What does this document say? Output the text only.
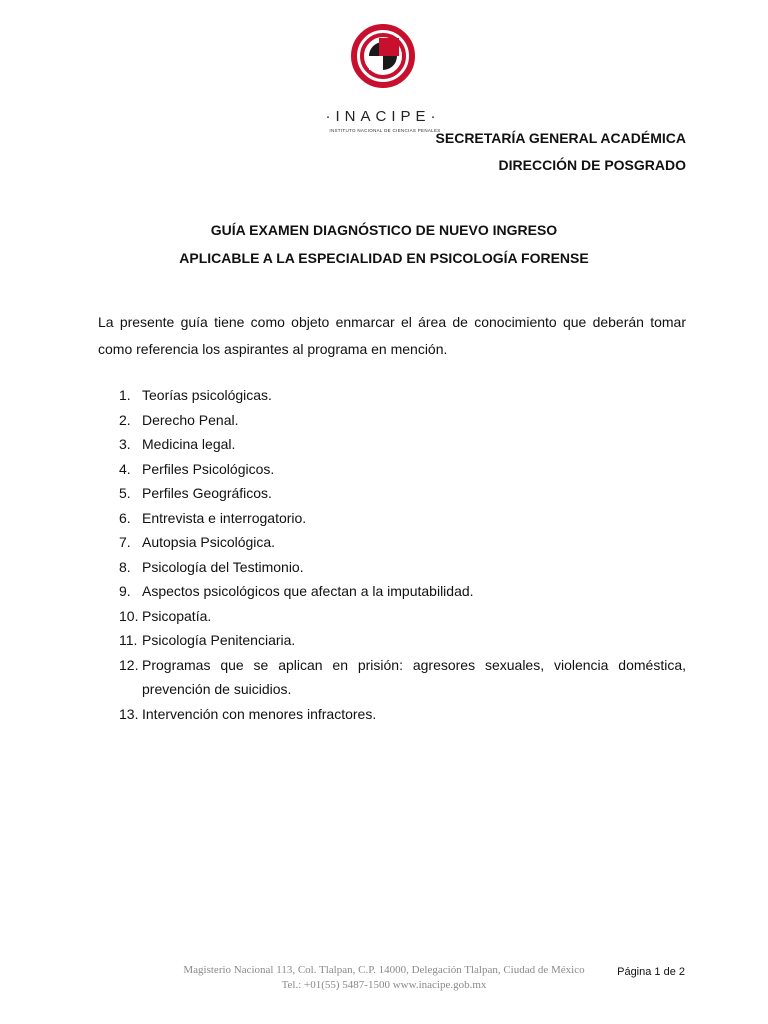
·INACIPE·
INSTITUTO NACIONAL DE CIENCIAS PENALES
SECRETARÍA GENERAL ACADÉMICA
DIRECCIÓN DE POSGRADO
GUÍA EXAMEN DIAGNÓSTICO DE NUEVO INGRESO
APLICABLE A LA ESPECIALIDAD EN PSICOLOGÍA FORENSE

La presente guía tiene como objeto enmarcar el área de conocimiento que deberán tomar como referencia los aspirantes al programa en mención.

1. Teorías psicológicas.
2. Derecho Penal.
3. Medicina legal.
4. Perfiles Psicológicos.
5. Perfiles Geográficos.
6. Entrevista e interrogatorio.
7. Autopsia Psicológica.
8. Psicología del Testimonio.
9. Aspectos psicológicos que afectan a la imputabilidad.
10. Psicopatía.
11. Psicología Penitenciaria.
12. Programas que se aplican en prisión: agresores sexuales, violencia doméstica, prevención de suicidios.
13. Intervención con menores infractores.
Magisterio Nacional 113, Col. Tlalpan, C.P. 14000, Delegación Tlalpan, Ciudad de México
Tel.: +01(55) 5487-1500 www.inacipe.gob.mx
Página 1 de 2
